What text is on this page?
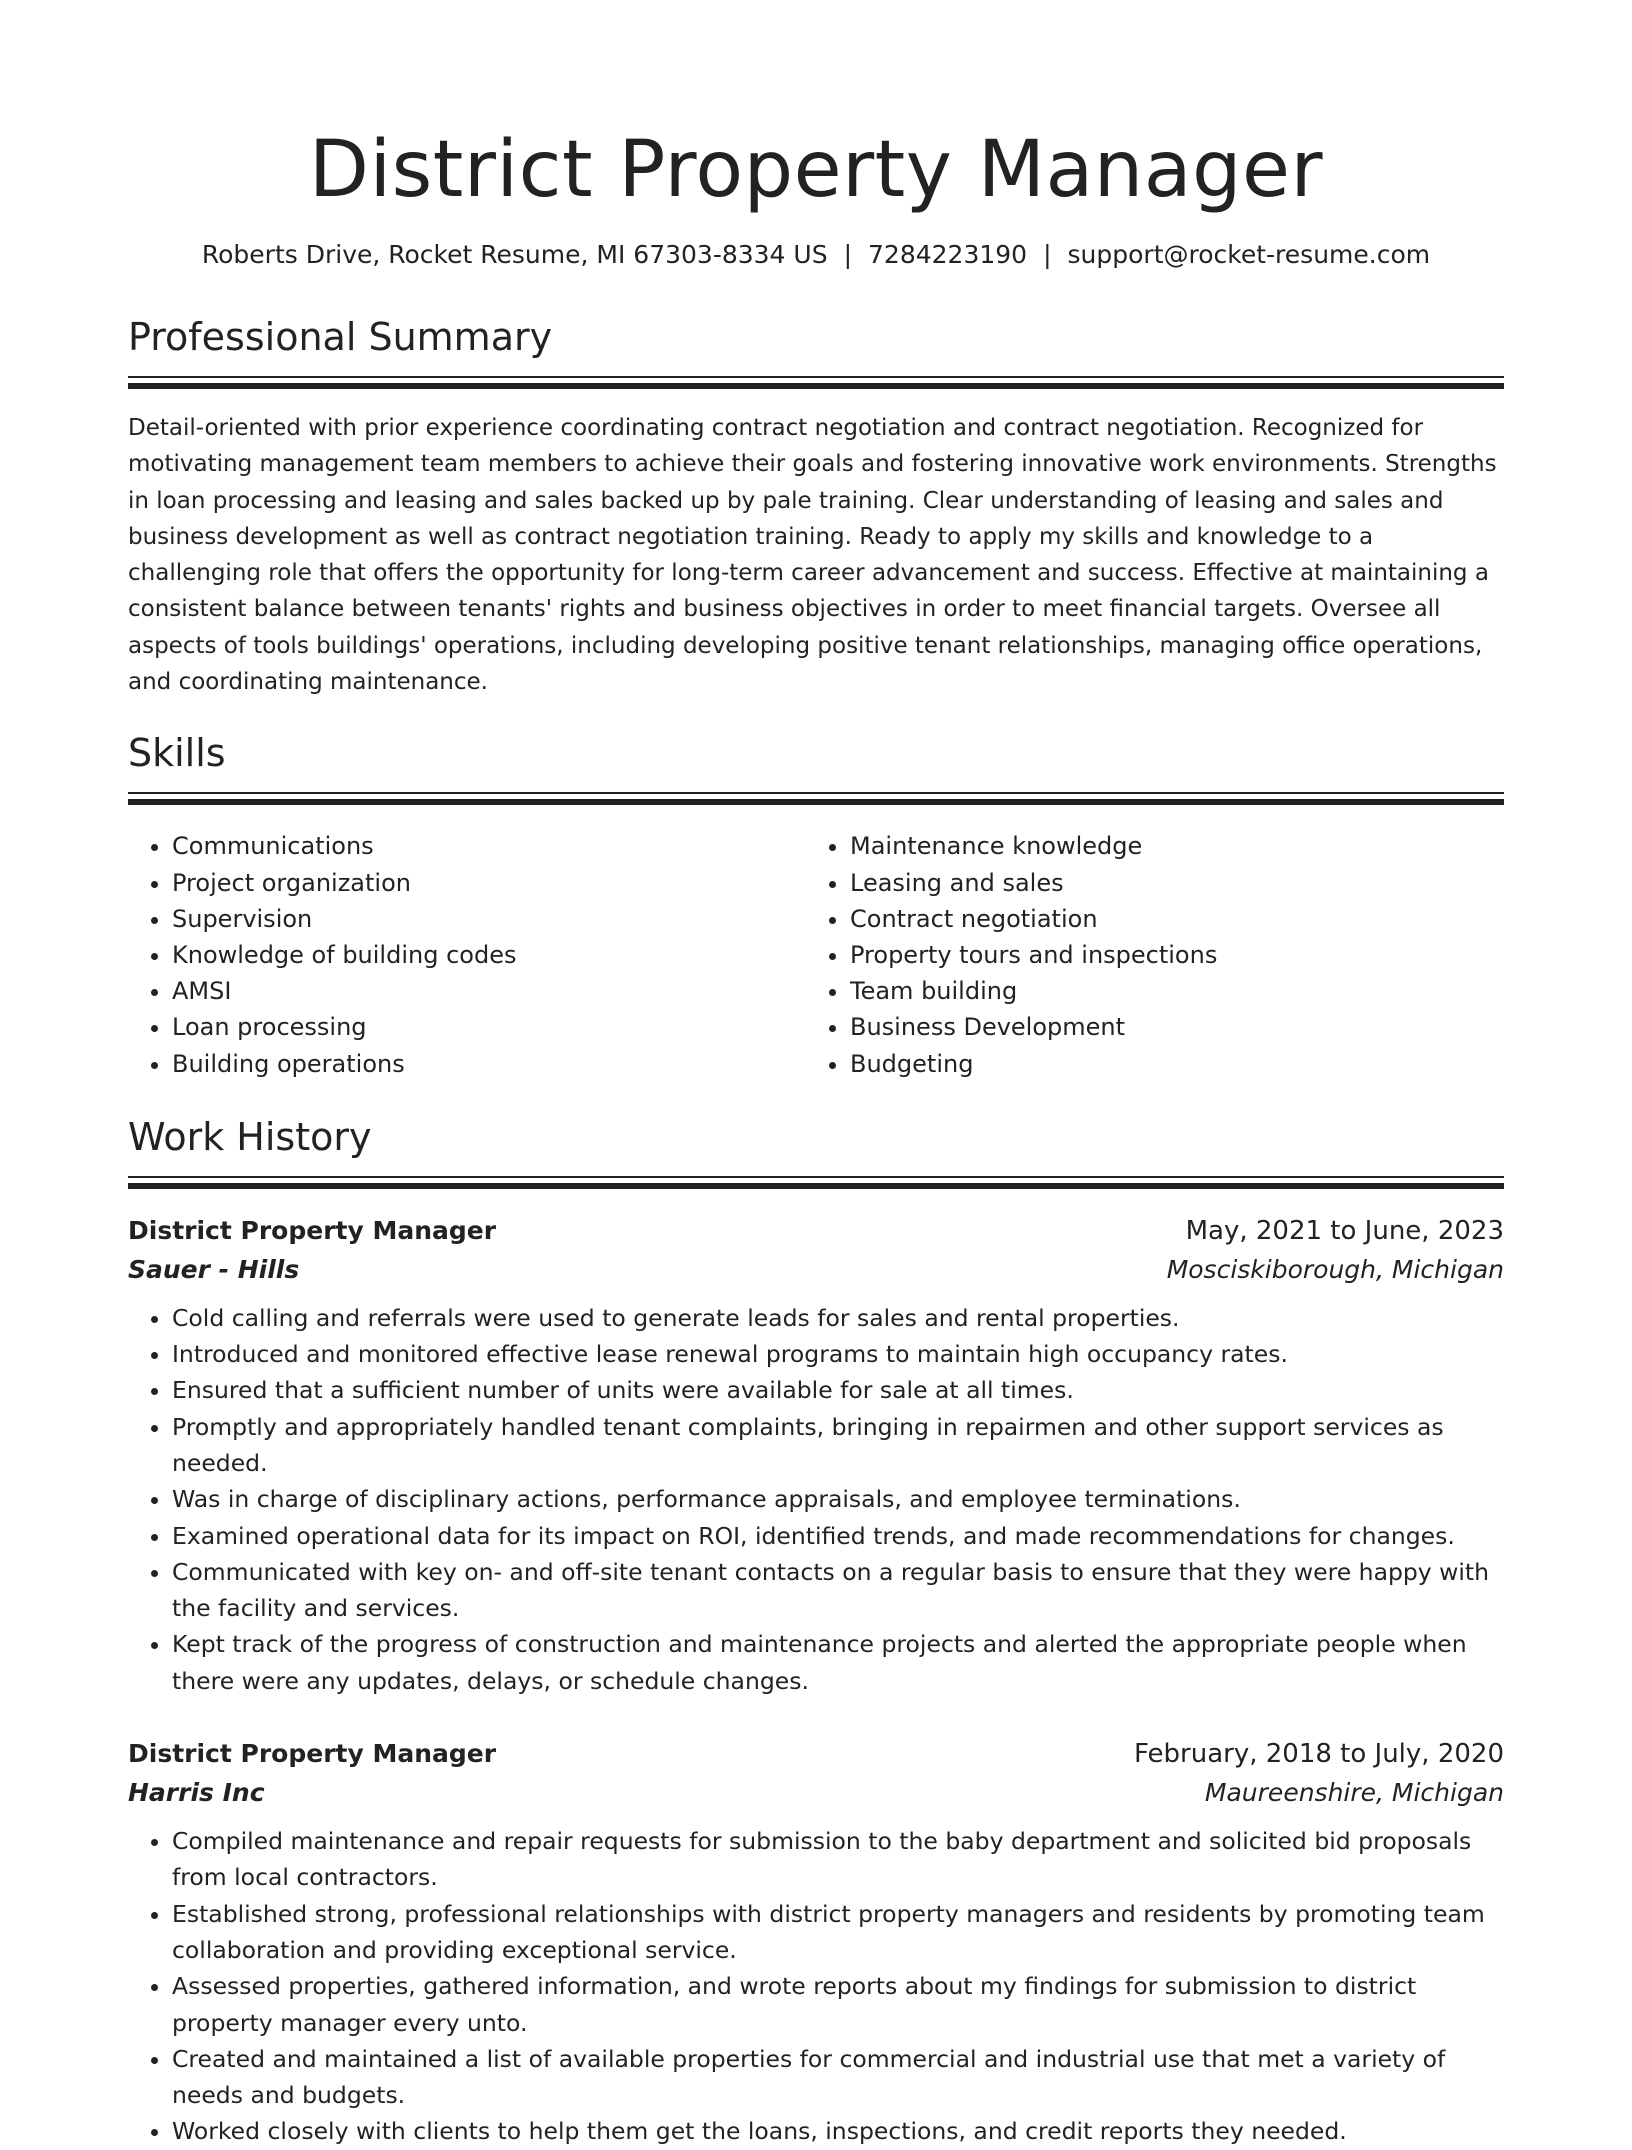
District Property Manager
Roberts Drive, Rocket Resume, MI 67303-8334 US | 7284223190 | support@rocket-resume.com
Professional Summary

Detail-oriented with prior experience coordinating contract negotiation and contract negotiation. Recognized for motivating management team members to achieve their goals and fostering innovative work environments. Strengths in loan processing and leasing and sales backed up by pale training. Clear understanding of leasing and sales and business development as well as contract negotiation training. Ready to apply my skills and knowledge to a challenging role that offers the opportunity for long-term career advancement and success. Effective at maintaining a consistent balance between tenants' rights and business objectives in order to meet financial targets. Oversee all aspects of tools buildings' operations, including developing positive tenant relationships, managing office operations, and coordinating maintenance.

Skills
• Communications
• Project organization
• Supervision
• Knowledge of building codes
• AMSI
• Loan processing
• Building operations
• Maintenance knowledge
• Leasing and sales
• Contract negotiation
• Property tours and inspections
• Team building
• Business Development
• Budgeting
Work History
District Property Manager	May, 2021 to June, 2023
Sauer - Hills	Mosciskiborough, Michigan
• Cold calling and referrals were used to generate leads for sales and rental properties.
• Introduced and monitored effective lease renewal programs to maintain high occupancy rates.
• Ensured that a sufficient number of units were available for sale at all times.
• Promptly and appropriately handled tenant complaints, bringing in repairmen and other support services as needed.
• Was in charge of disciplinary actions, performance appraisals, and employee terminations.
• Examined operational data for its impact on ROI, identified trends, and made recommendations for changes.
• Communicated with key on- and off-site tenant contacts on a regular basis to ensure that they were happy with the facility and services.
• Kept track of the progress of construction and maintenance projects and alerted the appropriate people when there were any updates, delays, or schedule changes.
District Property Manager	February, 2018 to July, 2020
Harris Inc	Maureenshire, Michigan
• Compiled maintenance and repair requests for submission to the baby department and solicited bid proposals from local contractors.
• Established strong, professional relationships with district property managers and residents by promoting team collaboration and providing exceptional service.
• Assessed properties, gathered information, and wrote reports about my findings for submission to district property manager every unto.
• Created and maintained a list of available properties for commercial and industrial use that met a variety of needs and budgets.
• Worked closely with clients to help them get the loans, inspections, and credit reports they needed.
